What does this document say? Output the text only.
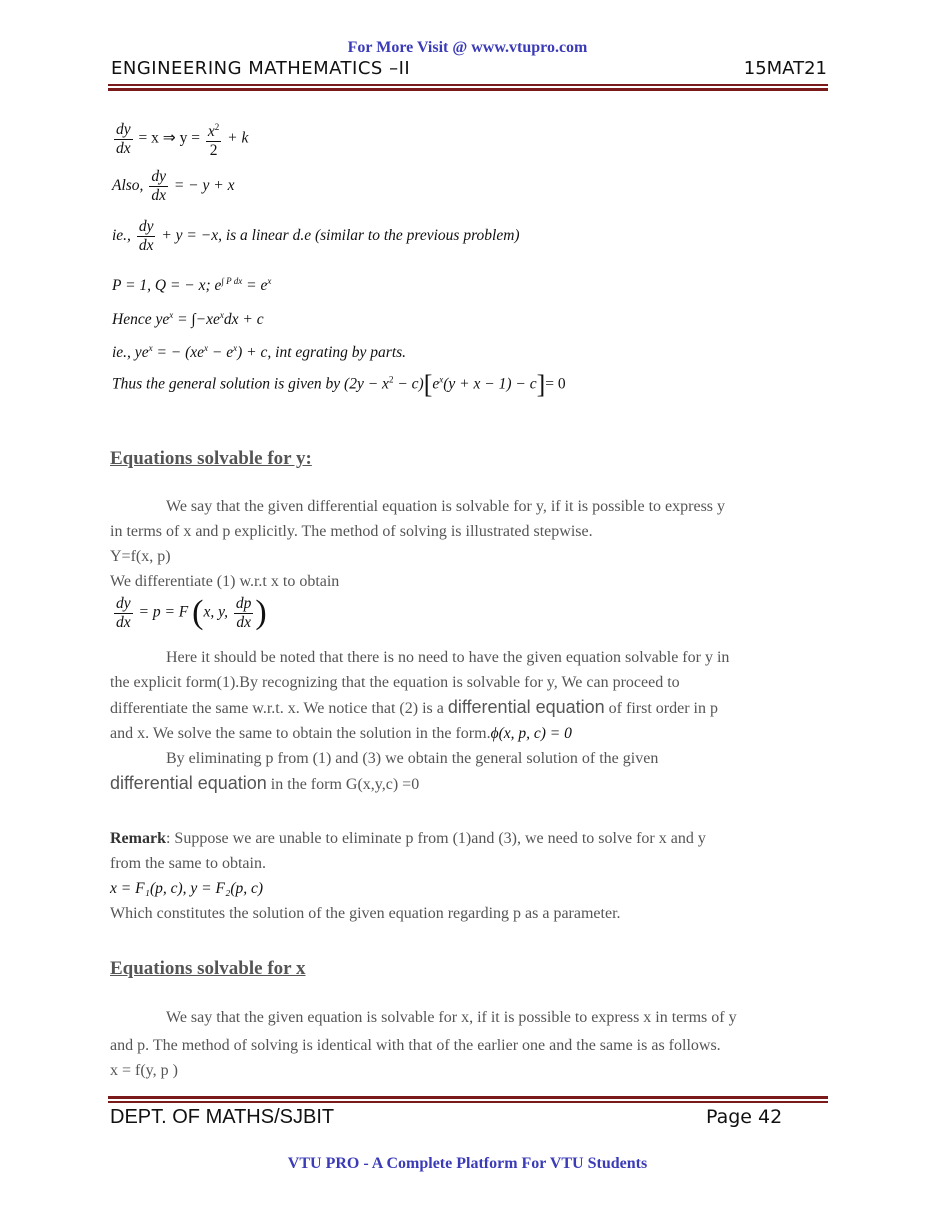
For More Visit @ www.vtupro.com
ENGINEERING MATHEMATICS –II	15MAT21
$\frac{dy}{dx} = x$ ⇒ $y = \frac{x^2}{2} + k$
Also, $\frac{dy}{dx}$ = − y + x
ie., $\frac{dy}{dx} + y = -x$, is a linear d.e (similar to the previous problem)
P = 1, Q = − x; $e^{\int P dx} = e^x$
Hence $ye^x = \int-xe^xdx + c$
ie., $ye^x$ = − $(xe^x - e^x) + c$, int egrating by parts.
Thus the general solution is given by $(2y - x^2 - c)[e^x(y + x - 1) - c]= 0$
Equations solvable for y:
We say that the given differential equation is solvable for y, if it is possible to express y
in terms of x and p explicitly. The method of solving is illustrated stepwise.
Y=f(x, p)
We differentiate (1) w.r.t x to obtain
$\frac{dy}{dx} = p = F$ (x, y, $\frac{dp}{dx}$ )
Here it should be noted that there is no need to have the given equation solvable for y in
the explicit form(1).By recognizing that the equation is solvable for y, We can proceed to
differentiate the same w.r.t. x. We notice that (2) is a differential equation of first order in p
and x. We solve the same to obtain the solution in the form.ϕ(x, p, c) = 0
By eliminating p from (1) and (3) we obtain the general solution of the given
differential equation in the form G(x,y,c) =0
Remark: Suppose we are unable to eliminate p from (1)and (3), we need to solve for x and y
from the same to obtain.
x = F₁(p, c), y = F₂(p, c)
Which constitutes the solution of the given equation regarding p as a parameter.
Equations solvable for x
We say that the given equation is solvable for x, if it is possible to express x in terms of y
and p. The method of solving is identical with that of the earlier one and the same is as follows.
x = f(y, p )
DEPT. OF MATHS/SJBIT	Page 42
VTU PRO - A Complete Platform For VTU Students
